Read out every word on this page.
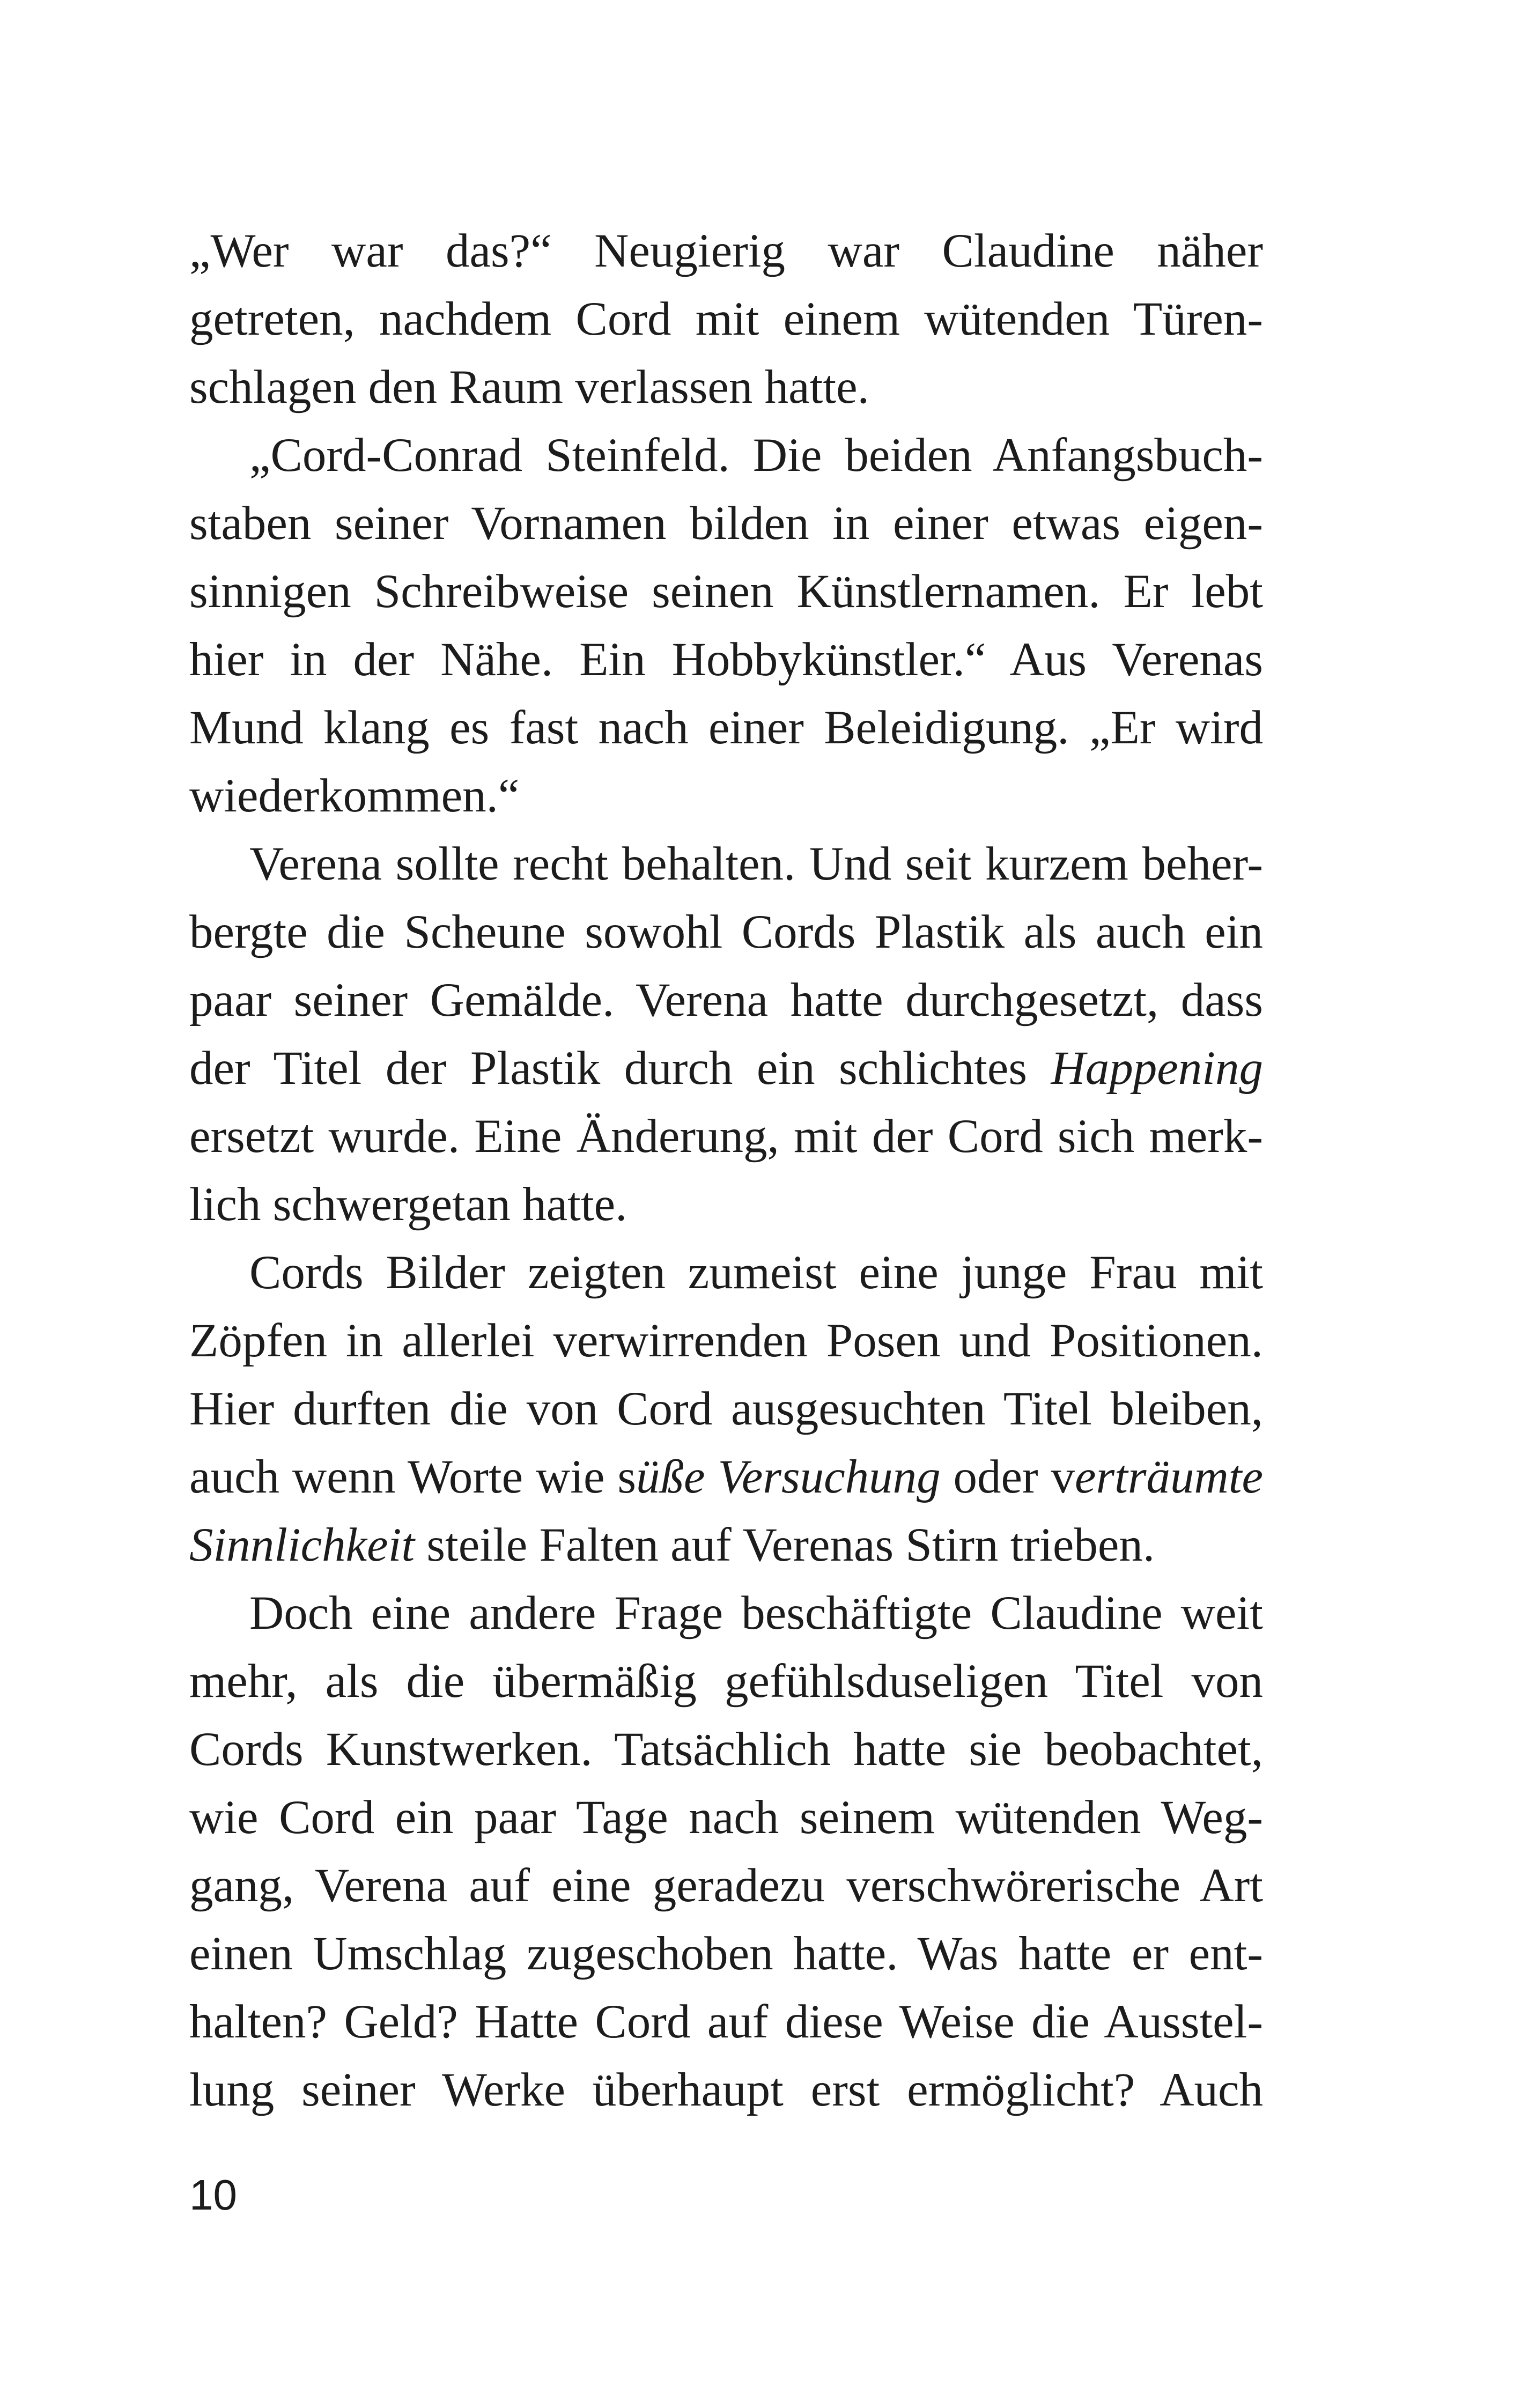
„Wer war das?“ Neugierig war Claudine näher
getreten, nachdem Cord mit einem wütenden Türen-
schlagen den Raum verlassen hatte.
„Cord-Conrad Steinfeld. Die beiden Anfangsbuch-
staben seiner Vornamen bilden in einer etwas eigen-
sinnigen Schreibweise seinen Künstlernamen. Er lebt
hier in der Nähe. Ein Hobbykünstler.“ Aus Verenas
Mund klang es fast nach einer Beleidigung. „Er wird
wiederkommen.“
Verena sollte recht behalten. Und seit kurzem beher-
bergte die Scheune sowohl Cords Plastik als auch ein
paar seiner Gemälde. Verena hatte durchgesetzt, dass
der Titel der Plastik durch ein schlichtes Happening
ersetzt wurde. Eine Änderung, mit der Cord sich merk-
lich schwergetan hatte.
Cords Bilder zeigten zumeist eine junge Frau mit
Zöpfen in allerlei verwirrenden Posen und Positionen.
Hier durften die von Cord ausgesuchten Titel bleiben,
auch wenn Worte wie süße Versuchung oder verträumte
Sinnlichkeit steile Falten auf Verenas Stirn trieben.
Doch eine andere Frage beschäftigte Claudine weit
mehr, als die übermäßig gefühlsduseligen Titel von
Cords Kunstwerken. Tatsächlich hatte sie beobachtet,
wie Cord ein paar Tage nach seinem wütenden Weg-
gang, Verena auf eine geradezu verschwörerische Art
einen Umschlag zugeschoben hatte. Was hatte er ent-
halten? Geld? Hatte Cord auf diese Weise die Ausstel-
lung seiner Werke überhaupt erst ermöglicht? Auch
10
